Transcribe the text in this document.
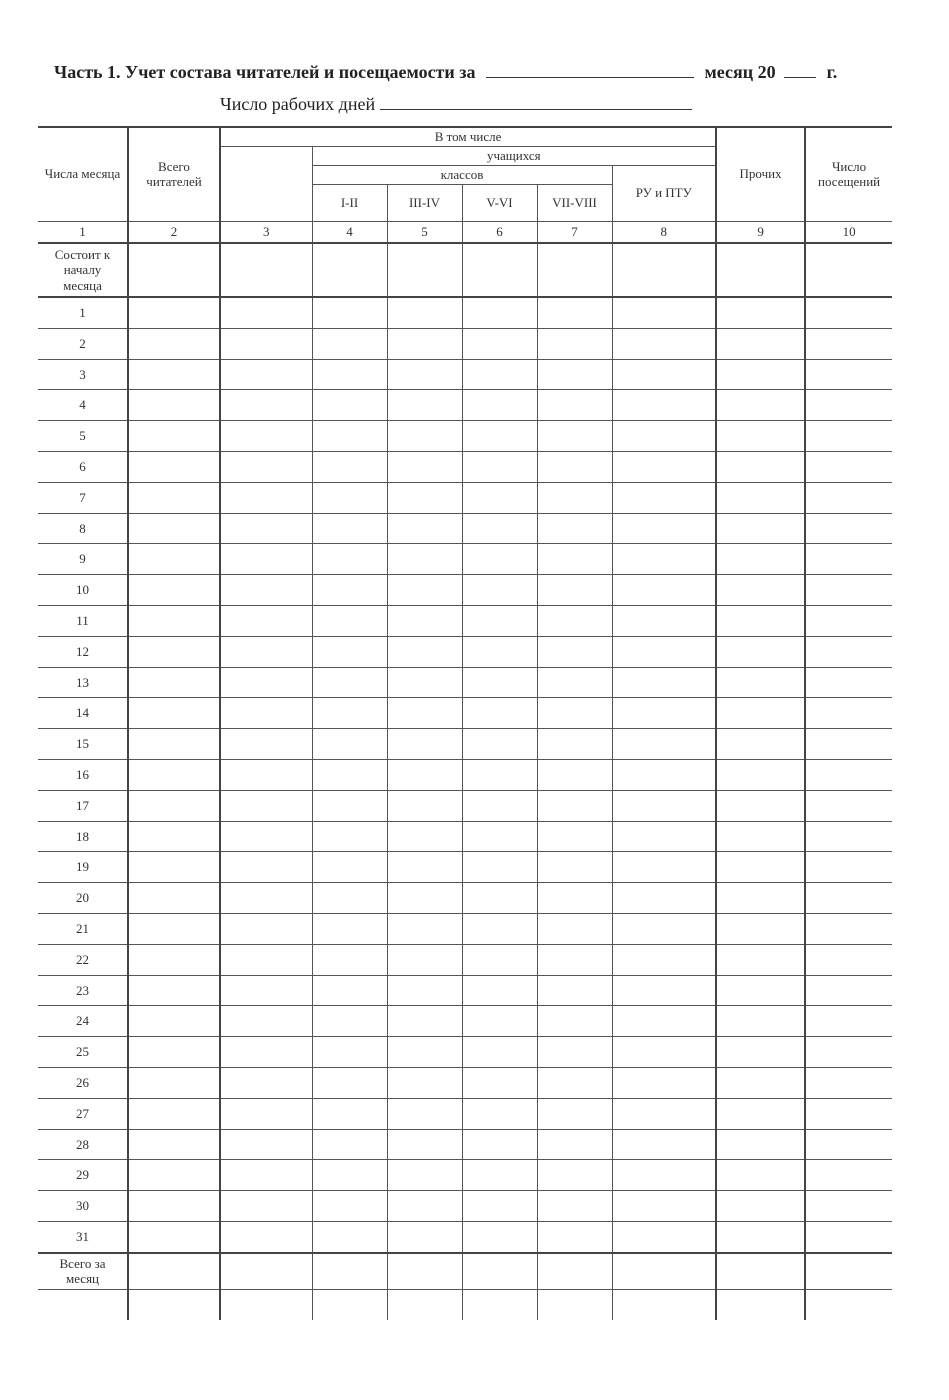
Часть 1. Учет состава читателей и посещаемости за	месяц 20	г.
Число рабочих дней
Числа месяца	Всего читателей	В том числе						Прочих	Число посещений
			учащихся						
			классов				РУ и ПТУ		
			I-II	III-IV	V-VI	VII-VIII			
1	2	3	4	5	6	7	8	9	10
Состоит к началу месяца									
1									
2									
3									
4									
5									
6									
7									
8									
9									
10									
11									
12									
13									
14									
15									
16									
17									
18									
19									
20									
21									
22									
23									
24									
25									
26									
27									
28									
29									
30									
31									
Всего за месяц									
